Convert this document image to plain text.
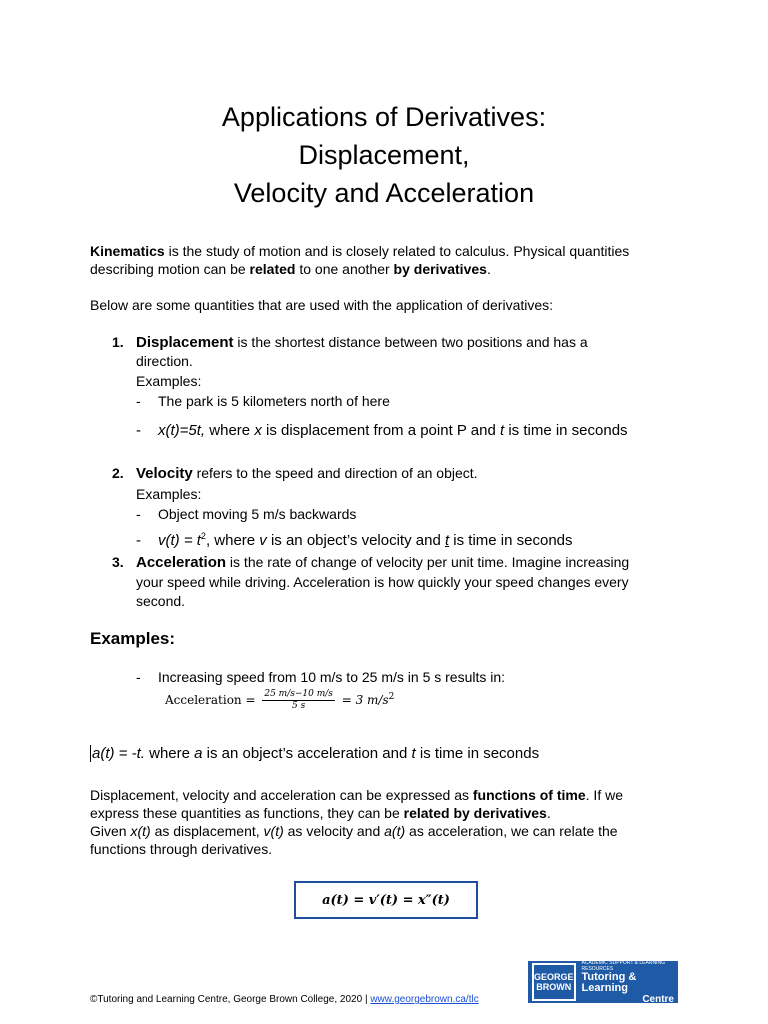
Applications of Derivatives:
Displacement,
Velocity and Acceleration
Kinematics is the study of motion and is closely related to calculus. Physical quantities
describing motion can be related to one another by derivatives.
Below are some quantities that are used with the application of derivatives:
1. Displacement is the shortest distance between two positions and has a
direction.
Examples:
- The park is 5 kilometers north of here
- x(t)=5t, where x is displacement from a point P and t is time in seconds
2. Velocity refers to the speed and direction of an object.
Examples:
- Object moving 5 m/s backwards
- $v(t) = t^2$, where v is an object’s velocity and t is time in seconds
3. Acceleration is the rate of change of velocity per unit time. Imagine increasing
your speed while driving. Acceleration is how quickly your speed changes every
second.
Examples:
- Increasing speed from 10 m/s to 25 m/s in 5 s results in:
Acceleration = $\frac{25 m/s-10 m/s}{5 s} = 3$ $m/s^2$
a(t) = -t. where a is an object’s acceleration and t is time in seconds
Displacement, velocity and acceleration can be expressed as functions of time. If we
express these quantities as functions, they can be related by derivatives.
Given x(t) as displacement, v(t) as velocity and a(t) as acceleration, we can relate the
functions through derivatives.
a(t) = v′(t) = x″(t)
©Tutoring and Learning Centre, George Brown College, 2020 | www.georgebrown.ca/tlc
GEORGE
BROWN
ACADEMIC SUPPORT & LEARNING RESOURCES
Tutoring & Learning
Centre
